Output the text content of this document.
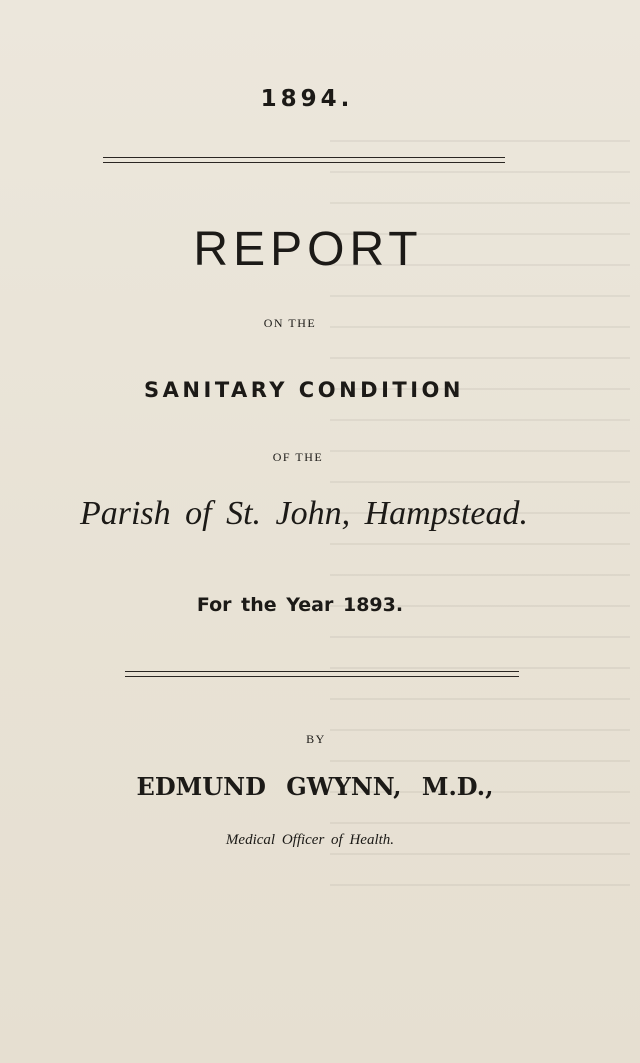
1894.
REPORT
ON THE
SANITARY CONDITION
OF THE
Parish of St. John, Hampstead.
For the Year 1893.
BY
EDMUND GWYNN, M.D.,
Medical Officer of Health.
